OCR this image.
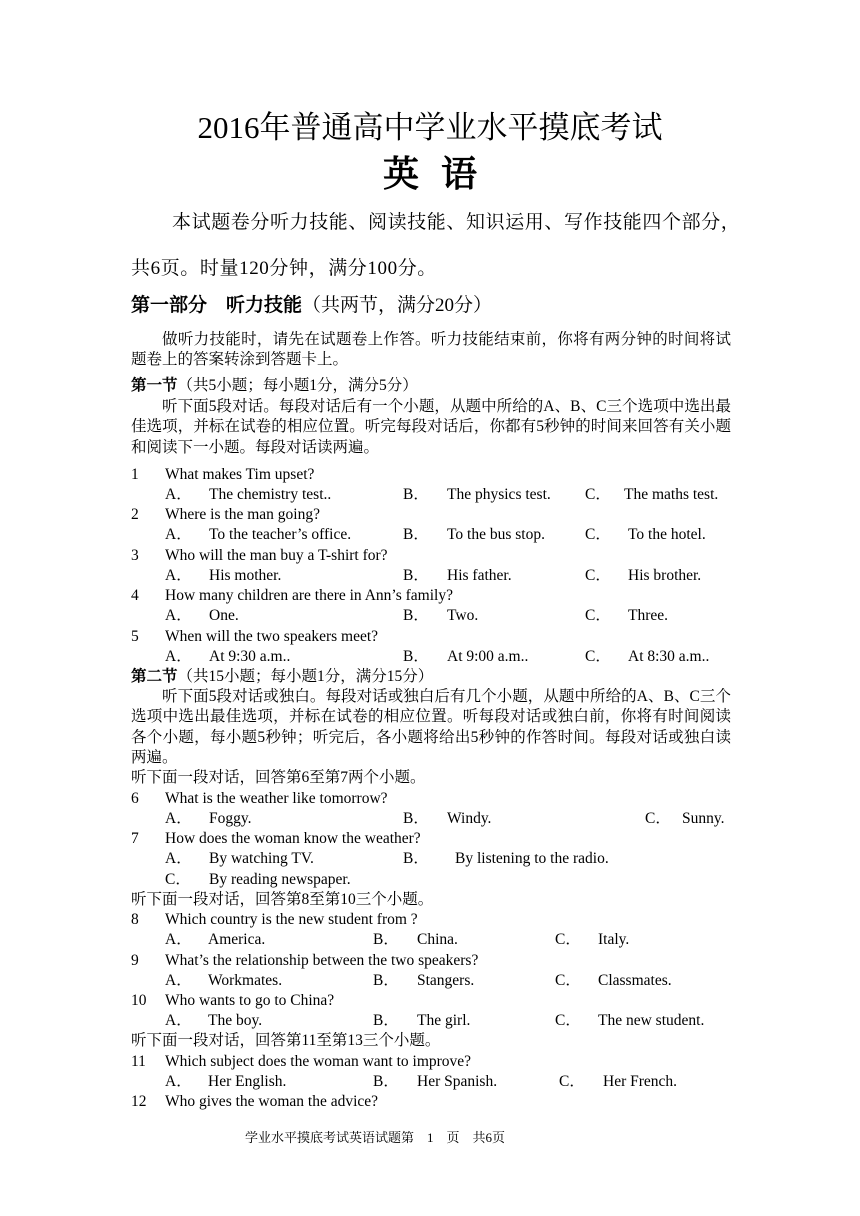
2016年普通高中学业水平摸底考试
英语
本试题卷分听力技能、阅读技能、知识运用、写作技能四个部分，
共6页。时量120分钟，满分100分。
第一部分　听力技能（共两节，满分20分）
做听力技能时，请先在试题卷上作答。听力技能结束前，你将有两分钟的时间将试题卷上的答案转涂到答题卡上。
第一节（共5小题；每小题1分，满分5分）
听下面5段对话。每段对话后有一个小题，从题中所给的A、B、C三个选项中选出最佳选项，并标在试卷的相应位置。听完每段对话后，你都有5秒钟的时间来回答有关小题和阅读下一小题。每段对话读两遍。
1 What makes Tim upset?
A． The chemistry test..	B． The physics test. C． The maths test.
2 Where is the man going?
A． To the teacher’s office.	B． To the bus stop.	C． To the hotel.
3 Who will the man buy a T-shirt for?
A． His mother.	B． His father.	C． His brother.
4 How many children are there in Ann’s family?
A． One.	B． Two.	C． Three.
5 When will the two speakers meet?
A． At 9:30 a.m..	B． At 9:00 a.m..	C． At 8:30 a.m..
第二节（共15小题；每小题1分，满分15分）
听下面5段对话或独白。每段对话或独白后有几个小题，从题中所给的A、B、C三个选项中选出最佳选项，并标在试卷的相应位置。听每段对话或独白前，你将有时间阅读各个小题，每小题5秒钟；听完后，各小题将给出5秒钟的作答时间。每段对话或独白读两遍。
听下面一段对话，回答第6至第7两个小题。
6 What is the weather like tomorrow?
A． Foggy.	B． Windy.	C． Sunny.
7 How does the woman know the weather?
A． By watching TV.	B． By listening to the radio.
C． By reading newspaper.
听下面一段对话，回答第8至第10三个小题。
8 Which country is the new student from ?
A． America.	B． China.	C． Italy.
9 What’s the relationship between the two speakers?
A． Workmates.	B． Stangers.	C． Classmates.
10 Who wants to go to China?
A． The boy.	B． The girl.	C． The new student.
听下面一段对话，回答第11至第13三个小题。
11 Which subject does the woman want to improve?
A． Her English.	B． Her Spanish.	C． Her French.
12 Who gives the woman the advice?
学业水平摸底考试英语试题第　1　页　共6页
